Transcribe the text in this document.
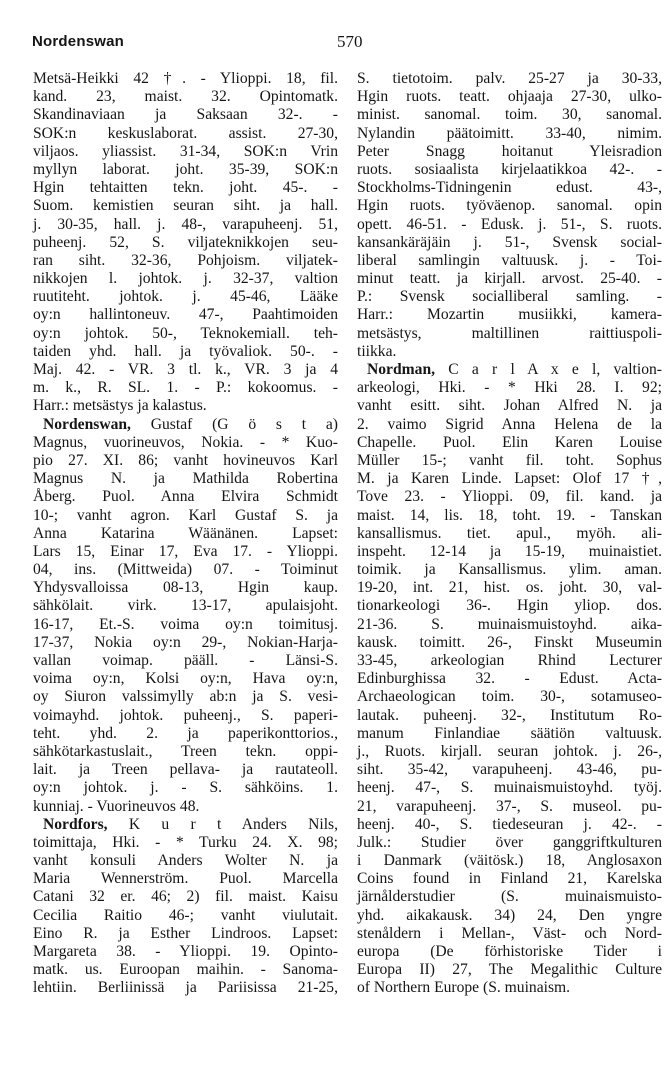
Nordenswan	570
Metsä-Heikki 42 †. - Ylioppi. 18, fil.
kand. 23, maist. 32. Opintomatk.
Skandinaviaan ja Saksaan 32-. -
SOK:n keskuslaborat. assist. 27-30,
viljaos. yliassist. 31-34, SOK:n Vrin
myllyn laborat. joht. 35-39, SOK:n
Hgin tehtaitten tekn. joht. 45-. -
Suom. kemistien seuran siht. ja hall.
j. 30-35, hall. j. 48-, varapuheenj. 51,
puheenj. 52, S. viljateknikkojen seu-
ran siht. 32-36, Pohjoism. viljatek-
nikkojen l. johtok. j. 32-37, valtion
ruutiteht. johtok. j. 45-46, Lääke
oy:n hallintoneuv. 47-, Paahtimoiden
oy:n johtok. 50-, Teknokemiall. teh-
taiden yhd. hall. ja työvaliok. 50-. -
Maj. 42. - VR. 3 tl. k., VR. 3 ja 4
m. k., R. SL. 1. - P.: kokoomus. -
Harr.: metsästys ja kalastus.
Nordenswan, Gustaf (G ö s t a)
Magnus, vuorineuvos, Nokia. - * Kuo-
pio 27. XI. 86; vanht hovineuvos Karl
Magnus N. ja Mathilda Robertina
Åberg. Puol. Anna Elvira Schmidt
10-; vanht agron. Karl Gustaf S. ja
Anna Katarina Wäänänen. Lapset:
Lars 15, Einar 17, Eva 17. - Ylioppi.
04, ins. (Mittweida) 07. - Toiminut
Yhdysvalloissa 08-13, Hgin kaup.
sähkölait. virk. 13-17, apulaisjoht.
16-17, Et.-S. voima oy:n toimitusj.
17-37, Nokia oy:n 29-, Nokian-Harja-
vallan voimap. pääll. - Länsi-S.
voima oy:n, Kolsi oy:n, Hava oy:n,
oy Siuron valssimylly ab:n ja S. vesi-
voimayhd. johtok. puheenj., S. paperi-
teht. yhd. 2. ja paperikonttorios.,
sähkötarkastuslait., Treen tekn. oppi-
lait. ja Treen pellava- ja rautateoll.
oy:n johtok. j. - S. sähköins. 1.
kunniaj. - Vuorineuvos 48.
Nordfors, K u r t Anders Nils,
toimittaja, Hki. - * Turku 24. X. 98;
vanht konsuli Anders Wolter N. ja
Maria Wennerström. Puol. Marcella
Catani 32 er. 46; 2) fil. maist. Kaisu
Cecilia Raitio 46-; vanht viulutait.
Eino R. ja Esther Lindroos. Lapset:
Margareta 38. - Ylioppi. 19. Opinto-
matk. us. Euroopan maihin. - Sanoma-
lehtiin. Berliinissä ja Pariisissa 21-25,
S. tietotoim. palv. 25-27 ja 30-33,
Hgin ruots. teatt. ohjaaja 27-30, ulko-
minist. sanomal. toim. 30, sanomal.
Nylandin päätoimitt. 33-40, nimim.
Peter Snagg hoitanut Yleisradion
ruots. sosiaalista kirjelaatikkoa 42-. -
Stockholms-Tidningenin edust. 43-,
Hgin ruots. työväenop. sanomal. opin
opett. 46-51. - Edusk. j. 51-, S. ruots.
kansankäräjäin j. 51-, Svensk social-
liberal samlingin valtuusk. j. - Toi-
minut teatt. ja kirjall. arvost. 25-40. -
P.: Svensk socialliberal samling. -
Harr.: Mozartin musiikki, kamera-
metsästys, maltillinen raittiuspoli-
tiikka.
Nordman, C a r l A x e l, valtion-
arkeologi, Hki. - * Hki 28. I. 92;
vanht esitt. siht. Johan Alfred N. ja
2. vaimo Sigrid Anna Helena de la
Chapelle. Puol. Elin Karen Louise
Müller 15-; vanht fil. toht. Sophus
M. ja Karen Linde. Lapset: Olof 17 †,
Tove 23. - Ylioppi. 09, fil. kand. ja
maist. 14, lis. 18, toht. 19. - Tanskan
kansallismus. tiet. apul., myöh. ali-
inspeht. 12-14 ja 15-19, muinaistiet.
toimik. ja Kansallismus. ylim. aman.
19-20, int. 21, hist. os. joht. 30, val-
tionarkeologi 36-. Hgin yliop. dos.
21-36. S. muinaismuistoyhd. aika-
kausk. toimitt. 26-, Finskt Museumin
33-45, arkeologian Rhind Lecturer
Edinburghissa 32. - Edust. Acta-
Archaeologican toim. 30-, sotamuseo-
lautak. puheenj. 32-, Institutum Ro-
manum Finlandiae säätiön valtuusk.
j., Ruots. kirjall. seuran johtok. j. 26-,
siht. 35-42, varapuheenj. 43-46, pu-
heenj. 47-, S. muinaismuistoyhd. työj.
21, varapuheenj. 37-, S. museol. pu-
heenj. 40-, S. tiedeseuran j. 42-. -
Julk.: Studier över ganggriftkulturen
i Danmark (väitösk.) 18, Anglosaxon
Coins found in Finland 21, Karelska
järnålderstudier (S. muinaismuisto-
yhd. aikakausk. 34) 24, Den yngre
stenåldern i Mellan-, Väst- och Nord-
europa (De förhistoriske Tider i
Europa II) 27, The Megalithic Culture
of Northern Europe (S. muinaism.
